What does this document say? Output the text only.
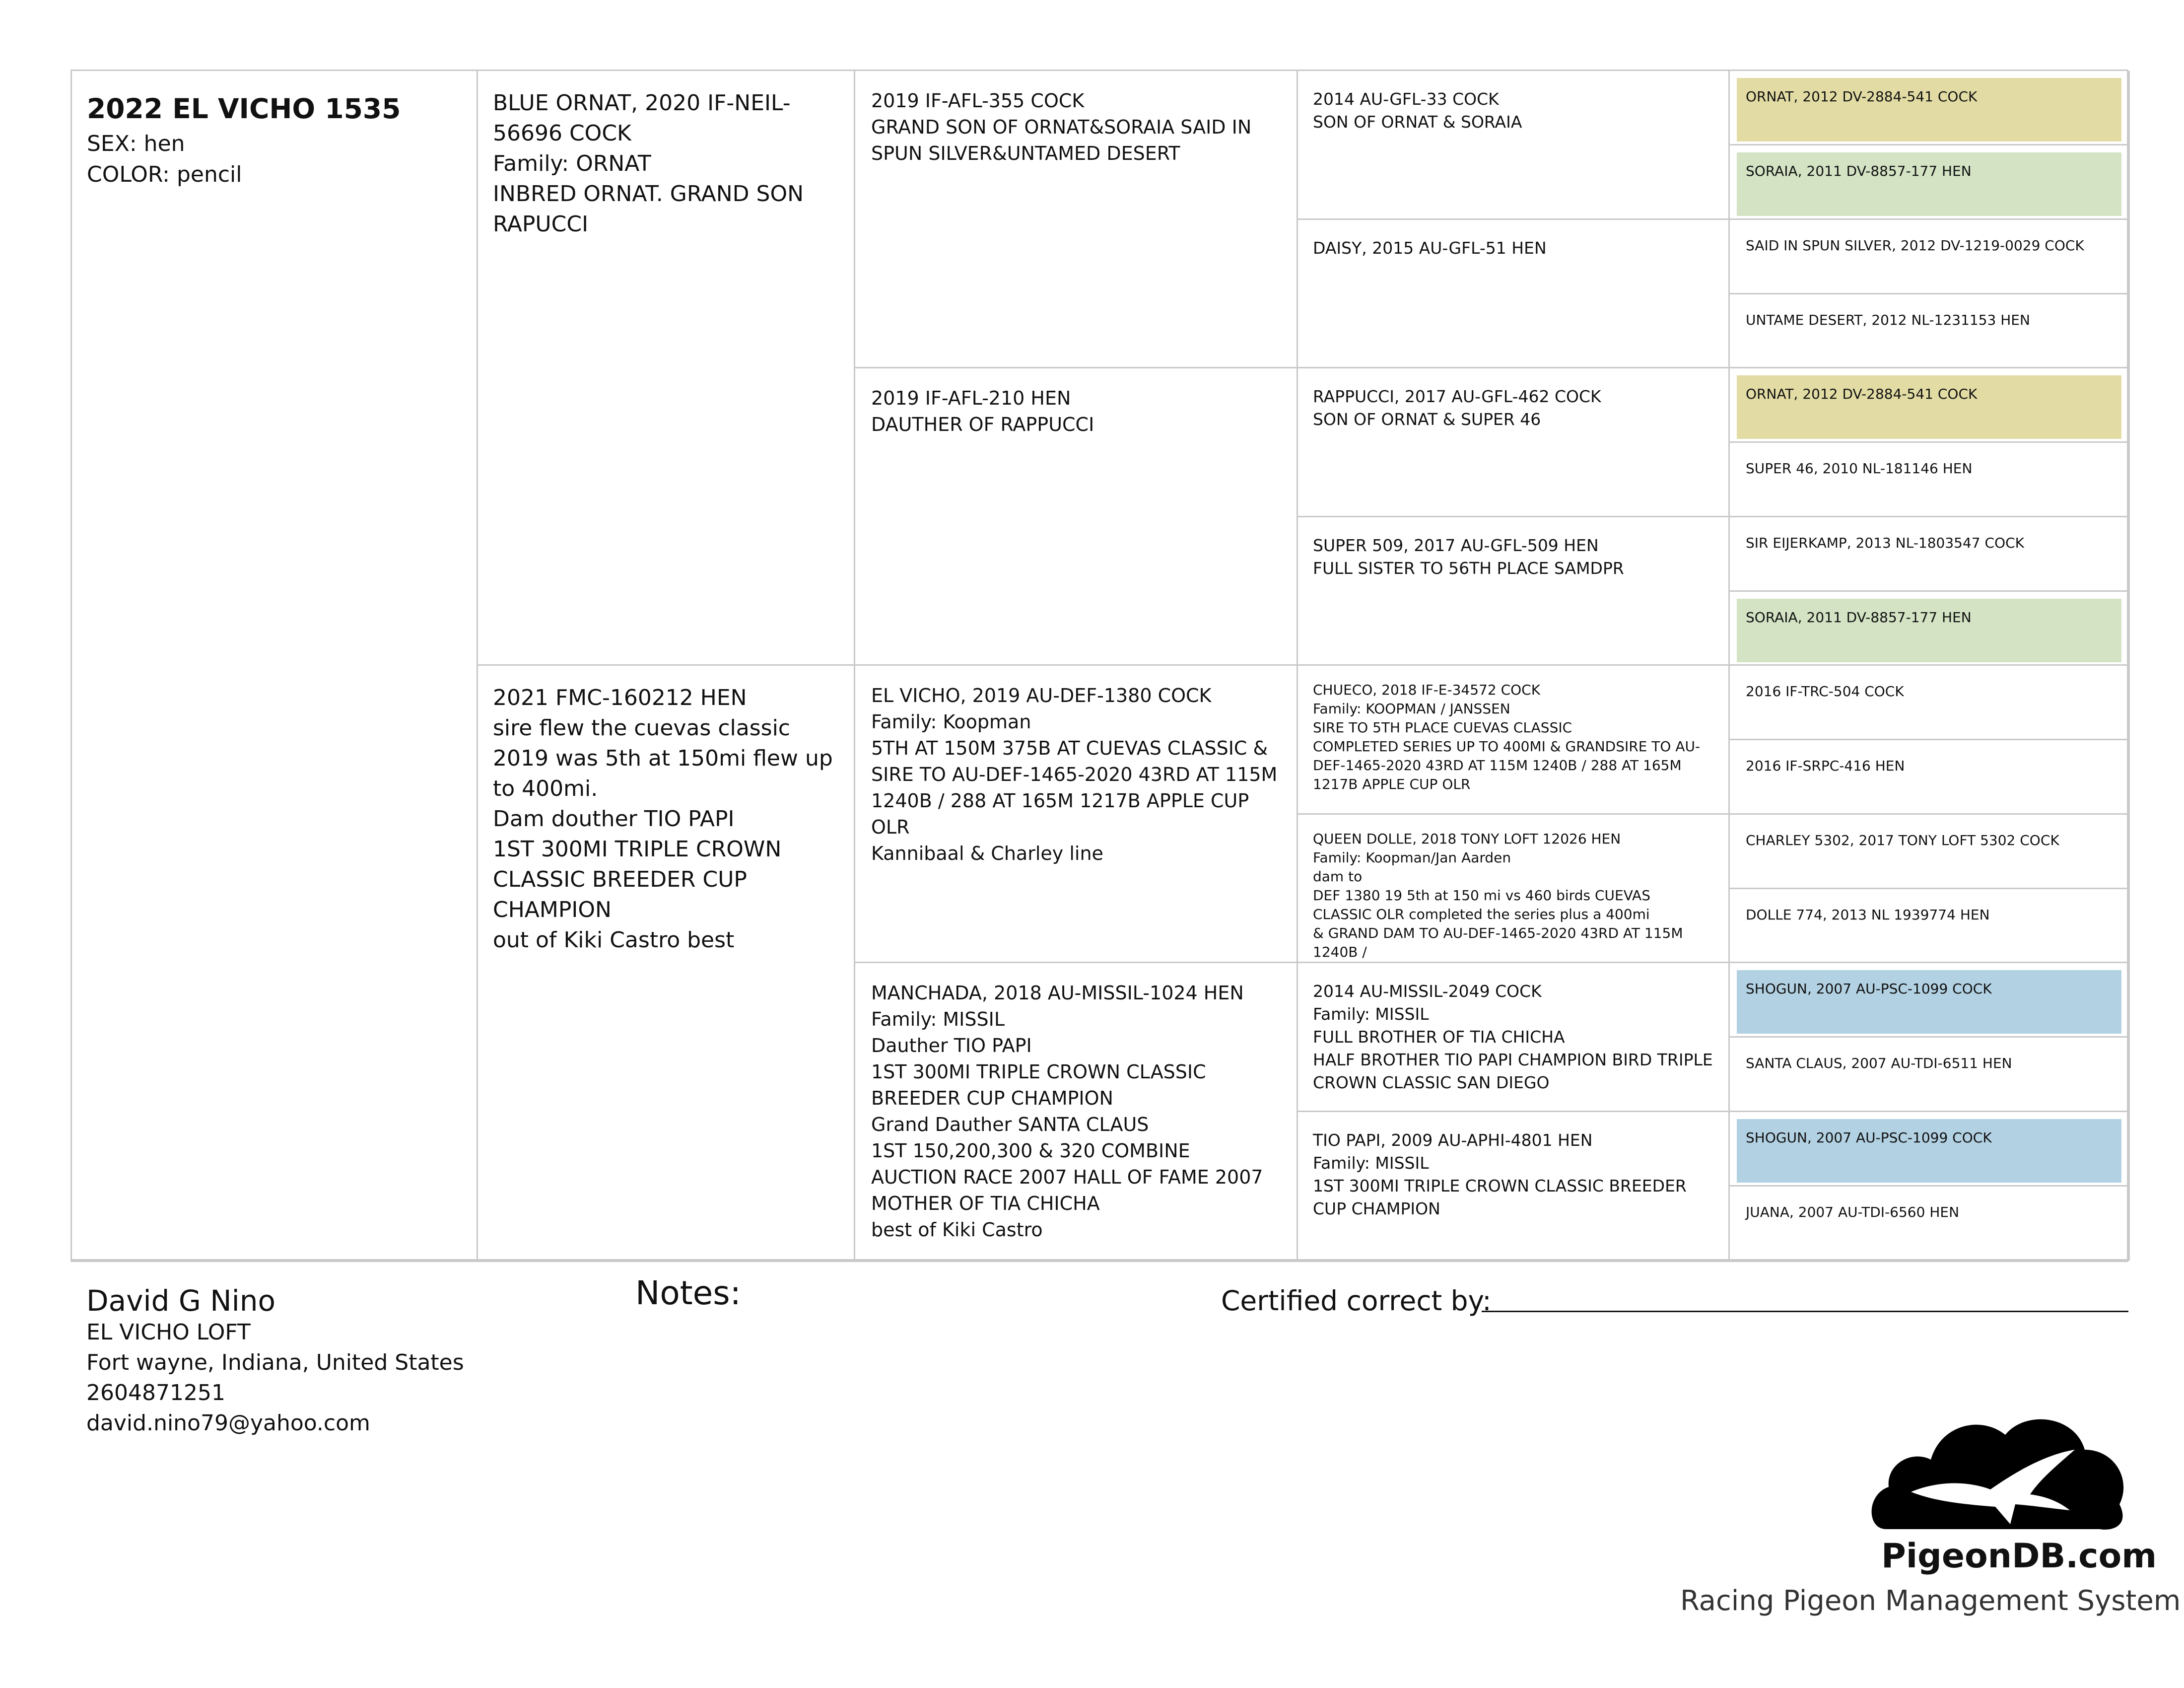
2022 EL VICHO 1535
SEX: hen
COLOR: pencil
BLUE ORNAT, 2020 IF-NEIL-56696 COCK
Family: ORNAT
INBRED ORNAT. GRAND SON RAPUCCI
2021 FMC-160212 HEN
sire flew the cuevas classic 2019 was 5th at 150mi flew up to 400mi.
Dam douther TIO PAPI
1ST 300MI TRIPLE CROWN CLASSIC BREEDER CUP CHAMPION
out of Kiki Castro best
2019 IF-AFL-355 COCK
GRAND SON OF ORNAT&SORAIA SAID IN SPUN SILVER&UNTAMED DESERT
2019 IF-AFL-210 HEN
DAUTHER OF RAPPUCCI
EL VICHO, 2019 AU-DEF-1380 COCK
Family: Koopman
5TH AT 150M 375B AT CUEVAS CLASSIC & SIRE TO AU-DEF-1465-2020 43RD AT 115M 1240B / 288 AT 165M 1217B APPLE CUP OLR
Kannibaal & Charley line
MANCHADA, 2018 AU-MISSIL-1024 HEN
Family: MISSIL
Dauther TIO PAPI
1ST 300MI TRIPLE CROWN CLASSIC BREEDER CUP CHAMPION
Grand Dauther SANTA CLAUS
1ST 150,200,300 & 320 COMBINE AUCTION RACE 2007 HALL OF FAME 2007 MOTHER OF TIA CHICHA
best of Kiki Castro
2014 AU-GFL-33 COCK
SON OF ORNAT & SORAIA
DAISY, 2015 AU-GFL-51 HEN
RAPPUCCI, 2017 AU-GFL-462 COCK
SON OF ORNAT & SUPER 46
SUPER 509, 2017 AU-GFL-509 HEN
FULL SISTER TO 56TH PLACE SAMDPR
CHUECO, 2018 IF-E-34572 COCK
Family: KOOPMAN / JANSSEN
SIRE TO 5TH PLACE CUEVAS CLASSIC
COMPLETED SERIES UP TO 400MI & GRANDSIRE TO AU-DEF-1465-2020 43RD AT 115M 1240B / 288 AT 165M 1217B APPLE CUP OLR
QUEEN DOLLE, 2018 TONY LOFT 12026 HEN
Family: Koopman/Jan Aarden
dam to
DEF 1380 19 5th at 150 mi vs 460 birds CUEVAS CLASSIC OLR completed the series plus a 400mi
& GRAND DAM TO AU-DEF-1465-2020 43RD AT 115M 1240B /
2014 AU-MISSIL-2049 COCK
Family: MISSIL
FULL BROTHER OF TIA CHICHA
HALF BROTHER TIO PAPI CHAMPION BIRD TRIPLE CROWN CLASSIC SAN DIEGO
TIO PAPI, 2009 AU-APHI-4801 HEN
Family: MISSIL
1ST 300MI TRIPLE CROWN CLASSIC BREEDER CUP CHAMPION
ORNAT, 2012 DV-2884-541 COCK
SORAIA, 2011 DV-8857-177 HEN
SAID IN SPUN SILVER, 2012 DV-1219-0029 COCK
UNTAME DESERT, 2012 NL-1231153 HEN
ORNAT, 2012 DV-2884-541 COCK
SUPER 46, 2010 NL-181146 HEN
SIR EIJERKAMP, 2013 NL-1803547 COCK
SORAIA, 2011 DV-8857-177 HEN
2016 IF-TRC-504 COCK
2016 IF-SRPC-416 HEN
CHARLEY 5302, 2017 TONY LOFT 5302 COCK
DOLLE 774, 2013 NL 1939774 HEN
SHOGUN, 2007 AU-PSC-1099 COCK
SANTA CLAUS, 2007 AU-TDI-6511 HEN
SHOGUN, 2007 AU-PSC-1099 COCK
JUANA, 2007 AU-TDI-6560 HEN
David G Nino
EL VICHO LOFT
Fort wayne, Indiana, United States
2604871251
david.nino79@yahoo.com
Notes:	Certified correct by:
PigeonDB.com
Racing Pigeon Management System
